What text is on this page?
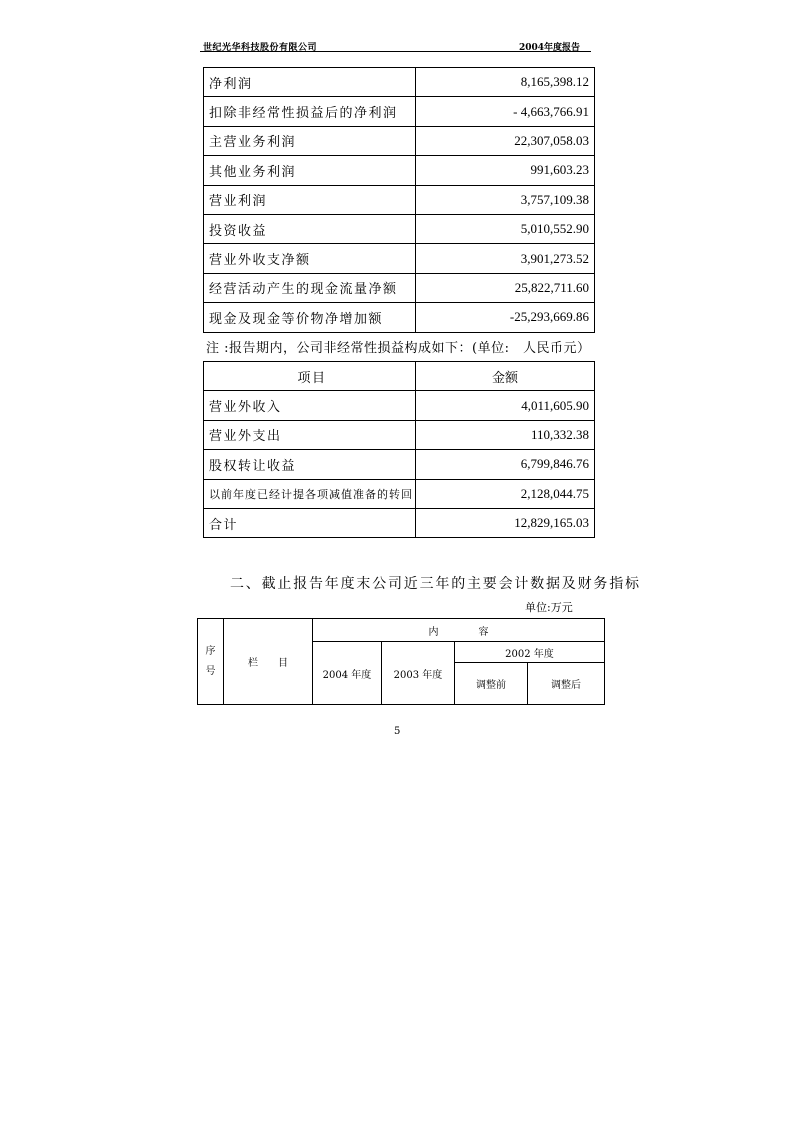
世纪光华科技股份有限公司	2004年度报告
净利润	8,165,398.12
扣除非经常性损益后的净利润	- 4,663,766.91
主营业务利润	22,307,058.03
其他业务利润	991,603.23
营业利润	3,757,109.38
投资收益	5,010,552.90
营业外收支净额	3,901,273.52
经营活动产生的现金流量净额	25,822,711.60
现金及现金等价物净增加额	-25,293,669.86
注 :报告期内，公司非经常性损益构成如下：(单位:　人民币元）
项目	金额
营业外收入	4,011,605.90
营业外支出	110,332.38
股权转让收益	6,799,846.76
以前年度已经计提各项减值准备的转回	2,128,044.75
合计	12,829,165.03
二、截止报告年度末公司近三年的主要会计数据及财务指标
单位:万元
序
号	栏　　目	内　　　　容			
		2004 年度	2003 年度	2002 年度	
				调整前	调整后
5
